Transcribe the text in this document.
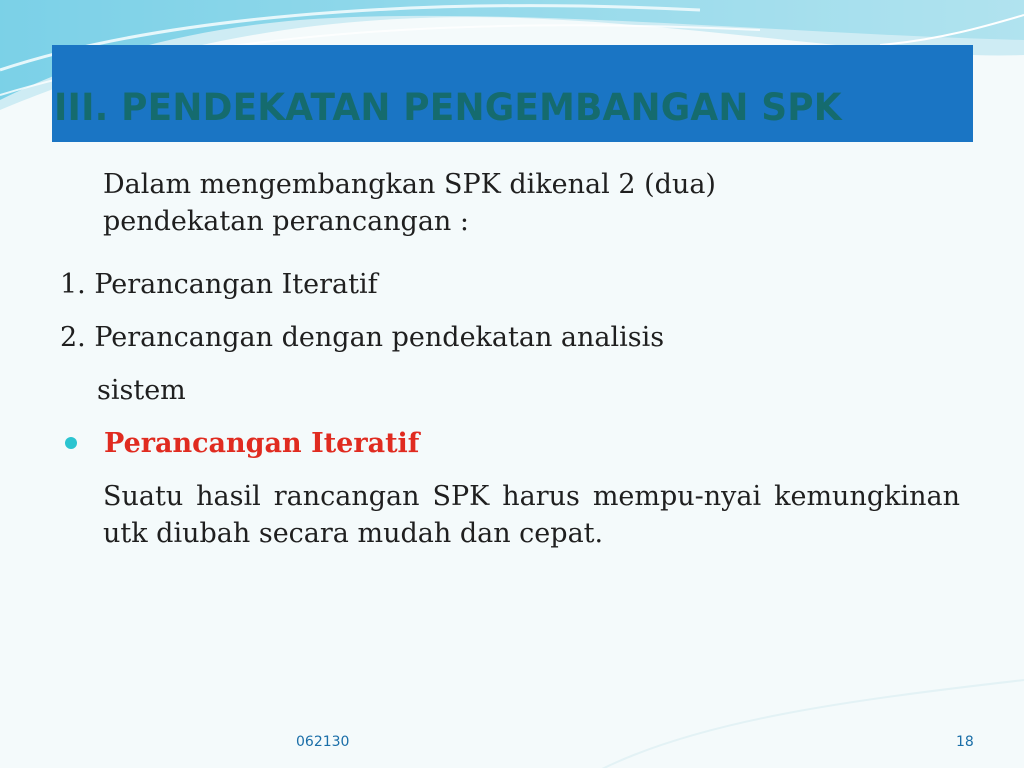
III. PENDEKATAN PENGEMBANGAN SPK
Dalam mengembangkan SPK dikenal 2 (dua) pendekatan perancangan :
1. Perancangan Iteratif
2. Perancangan dengan pendekatan analisis
sistem
Perancangan Iteratif
Suatu hasil rancangan SPK harus mempu-nyai kemungkinan utk diubah secara mudah dan cepat.
062130	18
